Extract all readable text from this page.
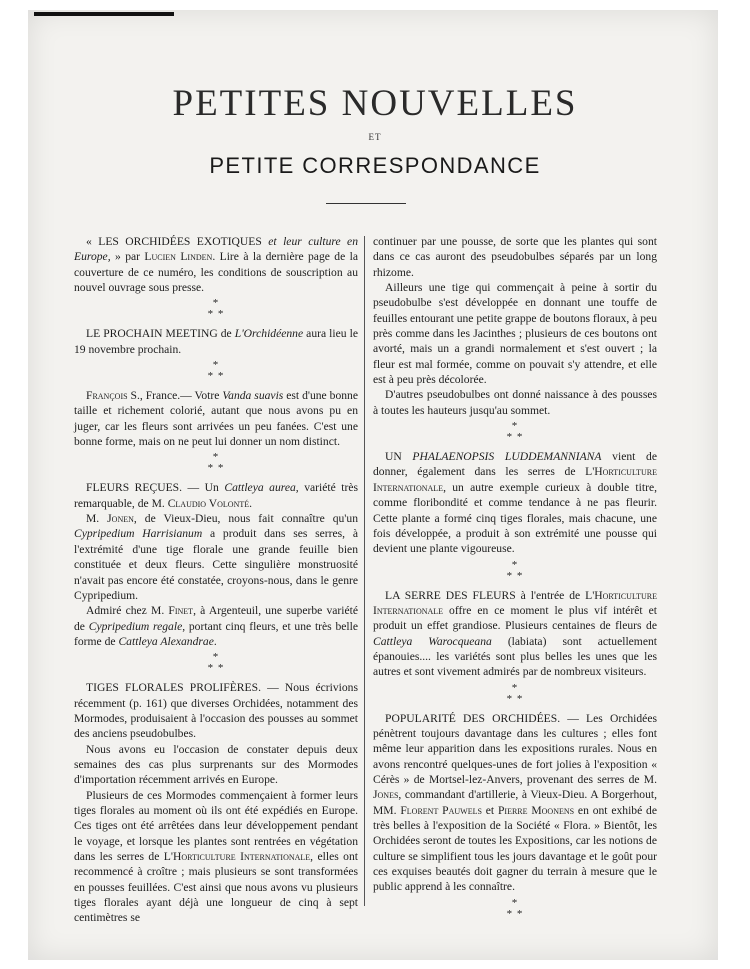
PETITES NOUVELLES
ET
PETITE CORRESPONDANCE

« LES ORCHIDÉES EXOTIQUES et leur culture en Europe, » par Lucien Linden. Lire à la dernière page de la couverture de ce numéro, les conditions de souscription au nouvel ouvrage sous presse.

*
* *

LE PROCHAIN MEETING de L'Orchidéenne aura lieu le 19 novembre prochain.

*
* *

François S., France.— Votre Vanda suavis est d'une bonne taille et richement colorié, autant que nous avons pu en juger, car les fleurs sont arrivées un peu fanées. C'est une bonne forme, mais on ne peut lui donner un nom distinct.

*
* *

FLEURS REÇUES. — Un Cattleya aurea, variété très remarquable, de M. Claudio Volonté.

M. Jonen, de Vieux-Dieu, nous fait connaître qu'un Cypripedium Harrisianum a produit dans ses serres, à l'extrémité d'une tige florale une grande feuille bien constituée et deux fleurs. Cette singulière monstruosité n'avait pas encore été constatée, croyons-nous, dans le genre Cypripedium.

Admiré chez M. Finet, à Argenteuil, une superbe variété de Cypripedium regale, portant cinq fleurs, et une très belle forme de Cattleya Alexandrae.

*
* *

TIGES FLORALES PROLIFÈRES. — Nous écrivions récemment (p. 161) que diverses Orchidées, notamment des Mormodes, produisaient à l'occasion des pousses au sommet des anciens pseudobulbes.

Nous avons eu l'occasion de constater depuis deux semaines des cas plus surprenants sur des Mormodes d'importation récemment arrivés en Europe.

Plusieurs de ces Mormodes commençaient à former leurs tiges florales au moment où ils ont été expédiés en Europe. Ces tiges ont été arrêtées dans leur développement pendant le voyage, et lorsque les plantes sont rentrées en végétation dans les serres de L'Horticulture Internationale, elles ont recommencé à croître ; mais plusieurs se sont transformées en pousses feuillées. C'est ainsi que nous avons vu plusieurs tiges florales ayant déjà une longueur de cinq à sept centimètres se

continuer par une pousse, de sorte que les plantes qui sont dans ce cas auront des pseudobulbes séparés par un long rhizome.

Ailleurs une tige qui commençait à peine à sortir du pseudobulbe s'est développée en donnant une touffe de feuilles entourant une petite grappe de boutons floraux, à peu près comme dans les Jacinthes ; plusieurs de ces boutons ont avorté, mais un a grandi normalement et s'est ouvert ; la fleur est mal formée, comme on pouvait s'y attendre, et elle est à peu près décolorée.

D'autres pseudobulbes ont donné naissance à des pousses à toutes les hauteurs jusqu'au sommet.

*
* *

UN PHALAENOPSIS LUDDEMANNIANA vient de donner, également dans les serres de L'Horticulture Internationale, un autre exemple curieux à double titre, comme floribondité et comme tendance à ne pas fleurir. Cette plante a formé cinq tiges florales, mais chacune, une fois développée, a produit à son extrémité une pousse qui devient une plante vigoureuse.

*
* *

LA SERRE DES FLEURS à l'entrée de L'Horticulture Internationale offre en ce moment le plus vif intérêt et produit un effet grandiose. Plusieurs centaines de fleurs de Cattleya Warocqueana (labiata) sont actuellement épanouies.... les variétés sont plus belles les unes que les autres et sont vivement admirés par de nombreux visiteurs.

*
* *

POPULARITÉ DES ORCHIDÉES. — Les Orchidées pénètrent toujours davantage dans les cultures ; elles font même leur apparition dans les expositions rurales. Nous en avons rencontré quelques-unes de fort jolies à l'exposition « Cérès » de Mortsel-lez-Anvers, provenant des serres de M. Jones, commandant d'artillerie, à Vieux-Dieu. A Borgerhout, MM. Florent Pauwels et Pierre Moonens en ont exhibé de très belles à l'exposition de la Société « Flora. » Bientôt, les Orchidées seront de toutes les Expositions, car les notions de culture se simplifient tous les jours davantage et le goût pour ces exquises beautés doit gagner du terrain à mesure que le public apprend à les connaître.

*
* *
